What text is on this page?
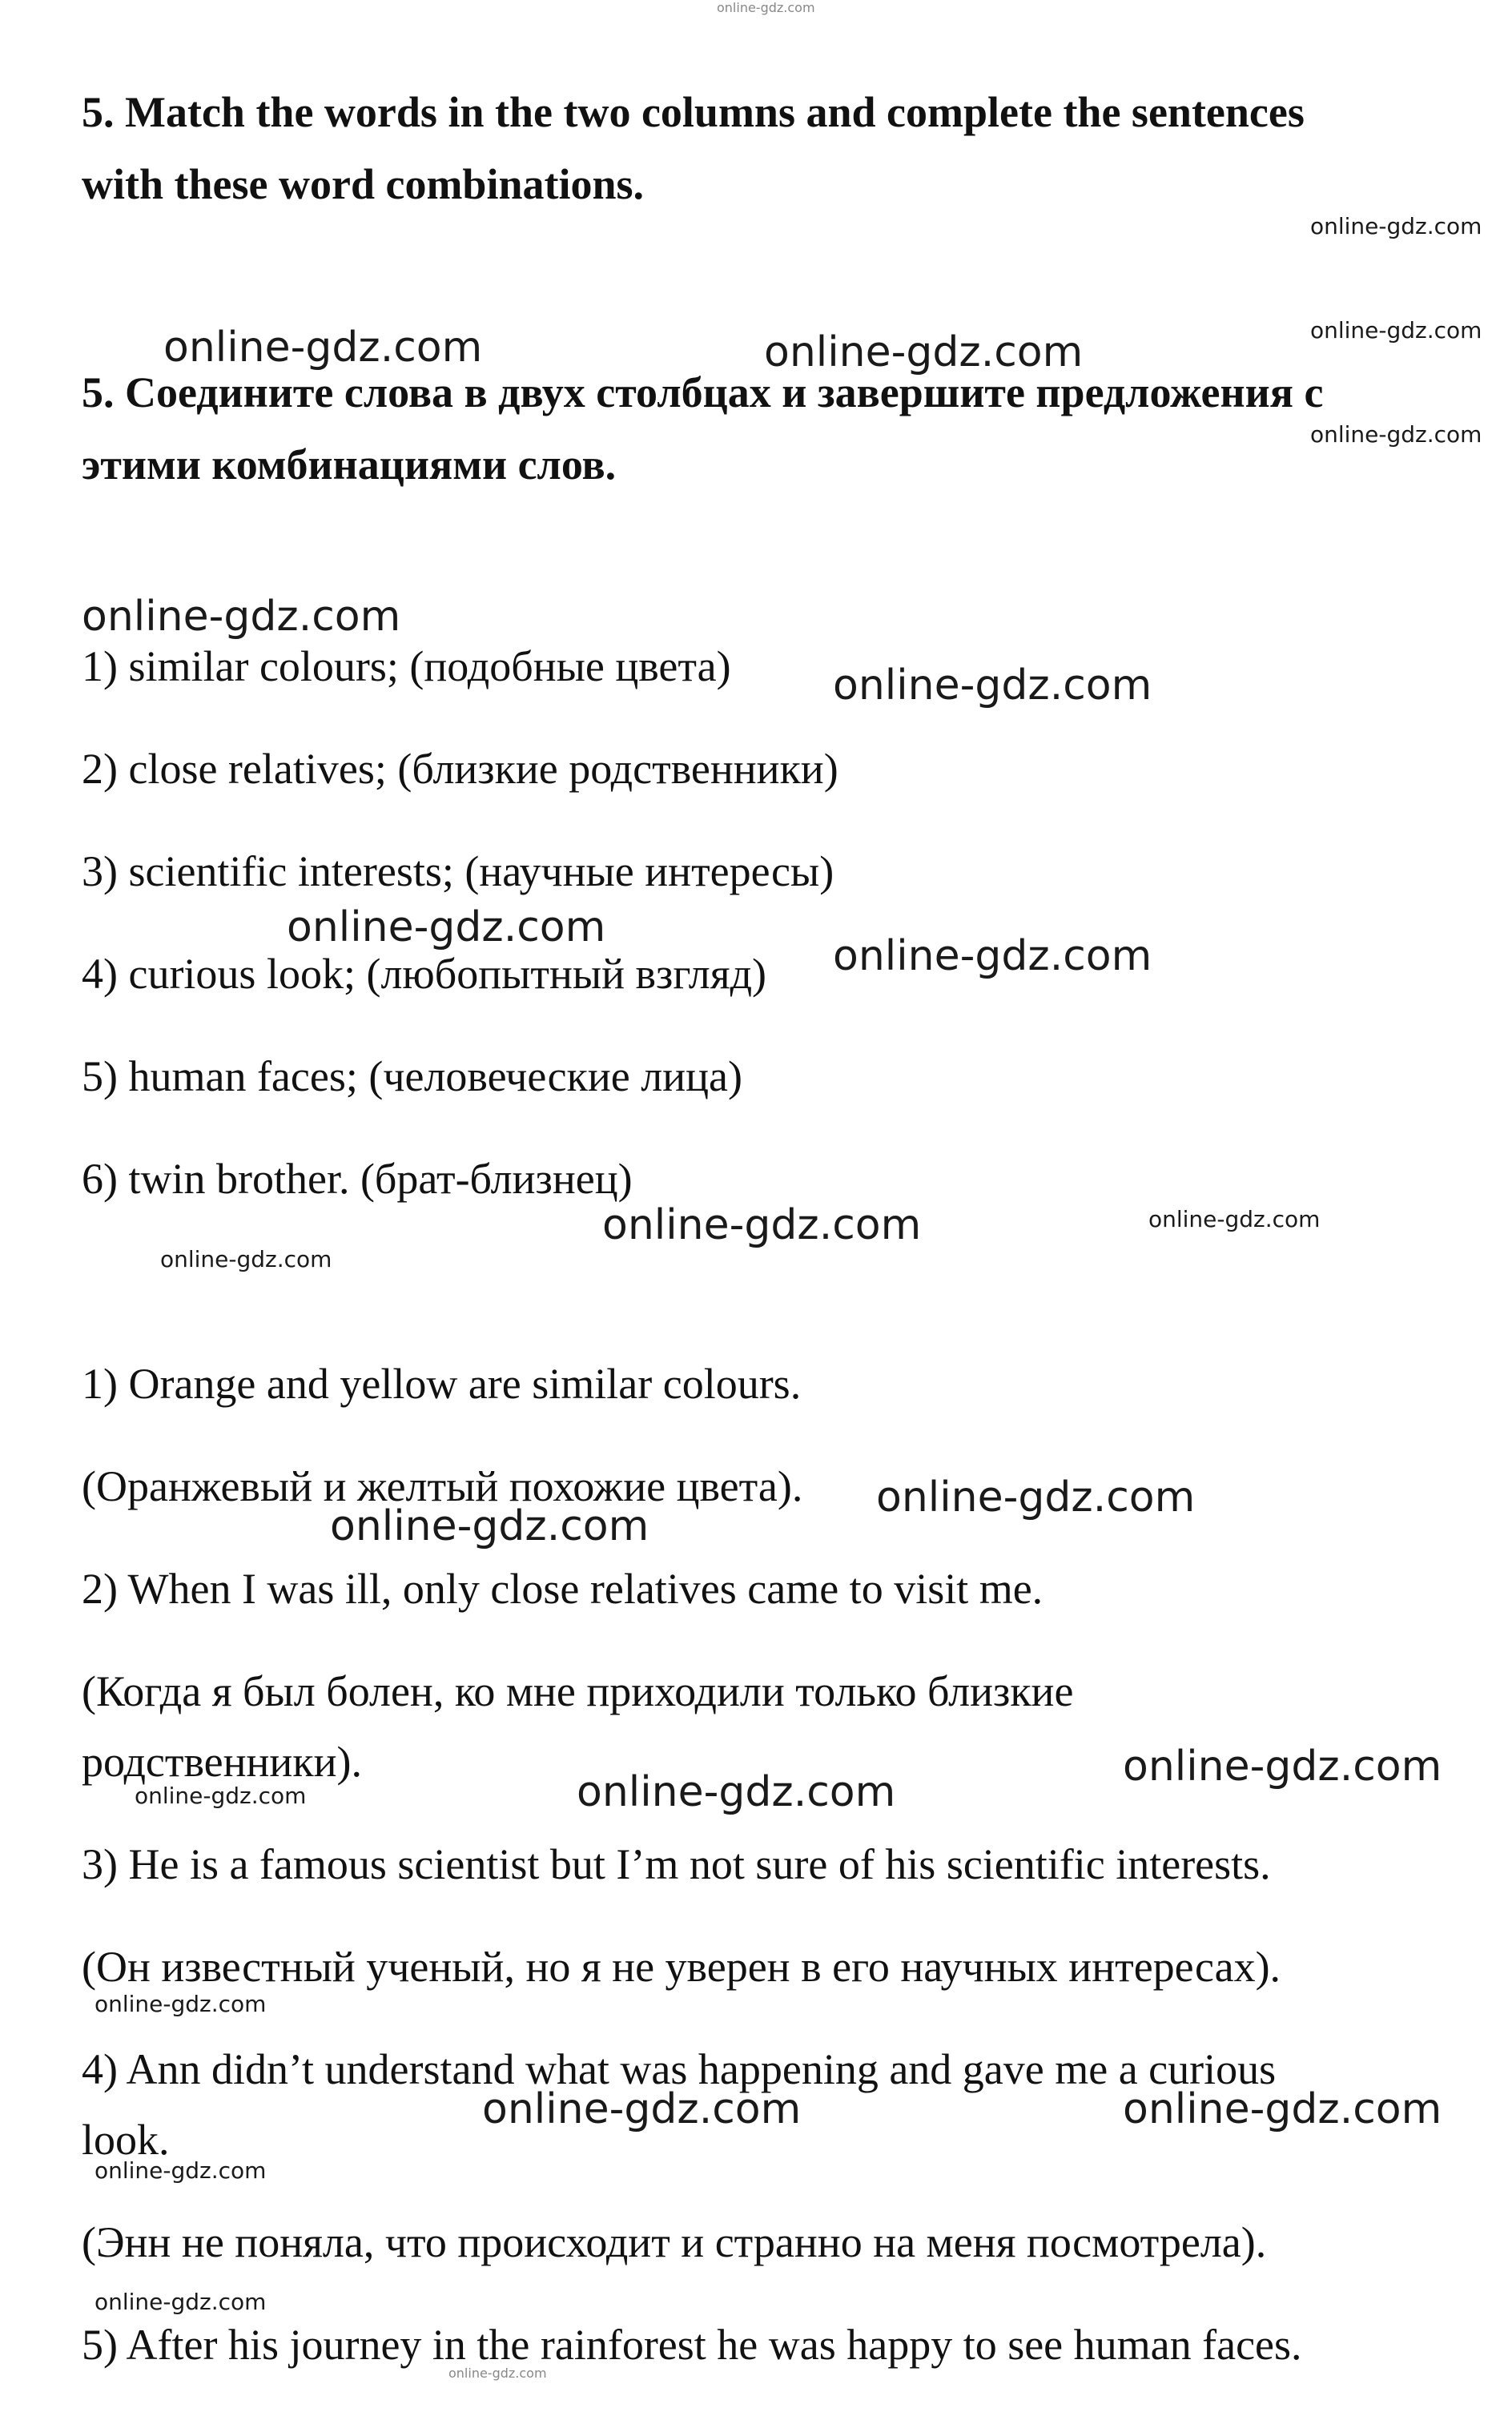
online-gdz.com
5. Match the words in the two columns and complete the sentences
with these word combinations.
5. Соедините слова в двух столбцах и завершите предложения с
этими комбинациями слов.
1) similar colours; (подобные цвета)
2) close relatives; (близкие родственники)
3) scientific interests; (научные интересы)
4) curious look; (любопытный взгляд)
5) human faces; (человеческие лица)
6) twin brother. (брат-близнец)
1) Orange and yellow are similar colours.
(Оранжевый и желтый похожие цвета).
2) When I was ill, only close relatives came to visit me.
(Когда я был болен, ко мне приходили только близкие
родственники).
3) He is a famous scientist but I’m not sure of his scientific interests.
(Он известный ученый, но я не уверен в его научных интересах).
4) Ann didn’t understand what was happening and gave me a curious
look.
(Энн не поняла, что происходит и странно на меня посмотрела).
5) After his journey in the rainforest he was happy to see human faces.
online-gdz.com
online-gdz.com
online-gdz.com
online-gdz.com	online-gdz.com
online-gdz.com
online-gdz.com
online-gdz.com
online-gdz.com
online-gdz.com	online-gdz.com
online-gdz.com
online-gdz.com
online-gdz.com
online-gdz.com
online-gdz.com	online-gdz.com
online-gdz.com
online-gdz.com	online-gdz.com
online-gdz.com
online-gdz.com
online-gdz.com
